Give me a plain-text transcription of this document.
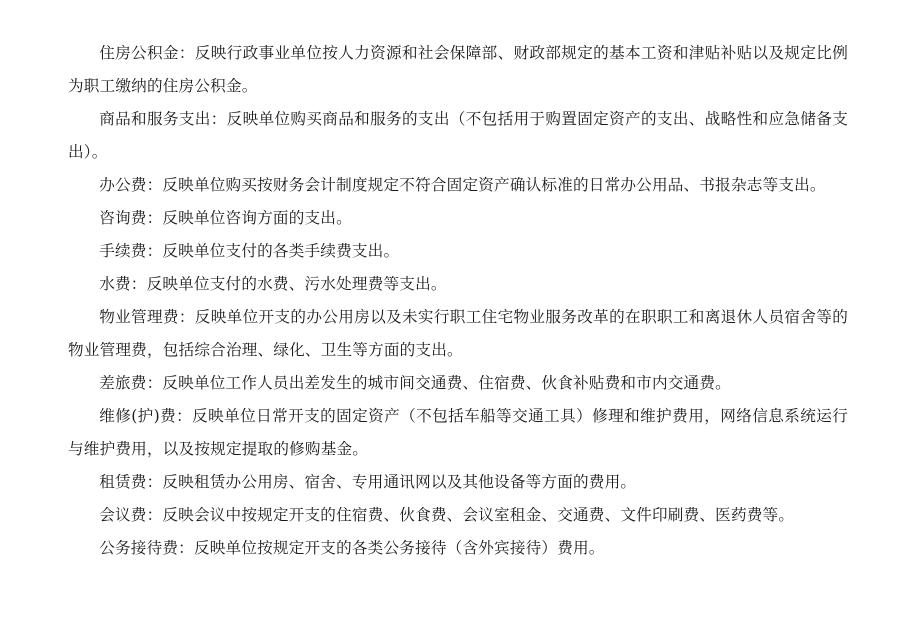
住房公积金：反映行政事业单位按人力资源和社会保障部、财政部规定的基本工资和津贴补贴以及规定比例为职工缴纳的住房公积金。

商品和服务支出：反映单位购买商品和服务的支出（不包括用于购置固定资产的支出、战略性和应急储备支出）。

办公费：反映单位购买按财务会计制度规定不符合固定资产确认标准的日常办公用品、书报杂志等支出。

咨询费：反映单位咨询方面的支出。

手续费：反映单位支付的各类手续费支出。

水费：反映单位支付的水费、污水处理费等支出。

物业管理费：反映单位开支的办公用房以及未实行职工住宅物业服务改革的在职职工和离退休人员宿舍等的物业管理费，包括综合治理、绿化、卫生等方面的支出。

差旅费：反映单位工作人员出差发生的城市间交通费、住宿费、伙食补贴费和市内交通费。

维修(护)费：反映单位日常开支的固定资产（不包括车船等交通工具）修理和维护费用，网络信息系统运行与维护费用，以及按规定提取的修购基金。

租赁费：反映租赁办公用房、宿舍、专用通讯网以及其他设备等方面的费用。

会议费：反映会议中按规定开支的住宿费、伙食费、会议室租金、交通费、文件印刷费、医药费等。

公务接待费：反映单位按规定开支的各类公务接待（含外宾接待）费用。
